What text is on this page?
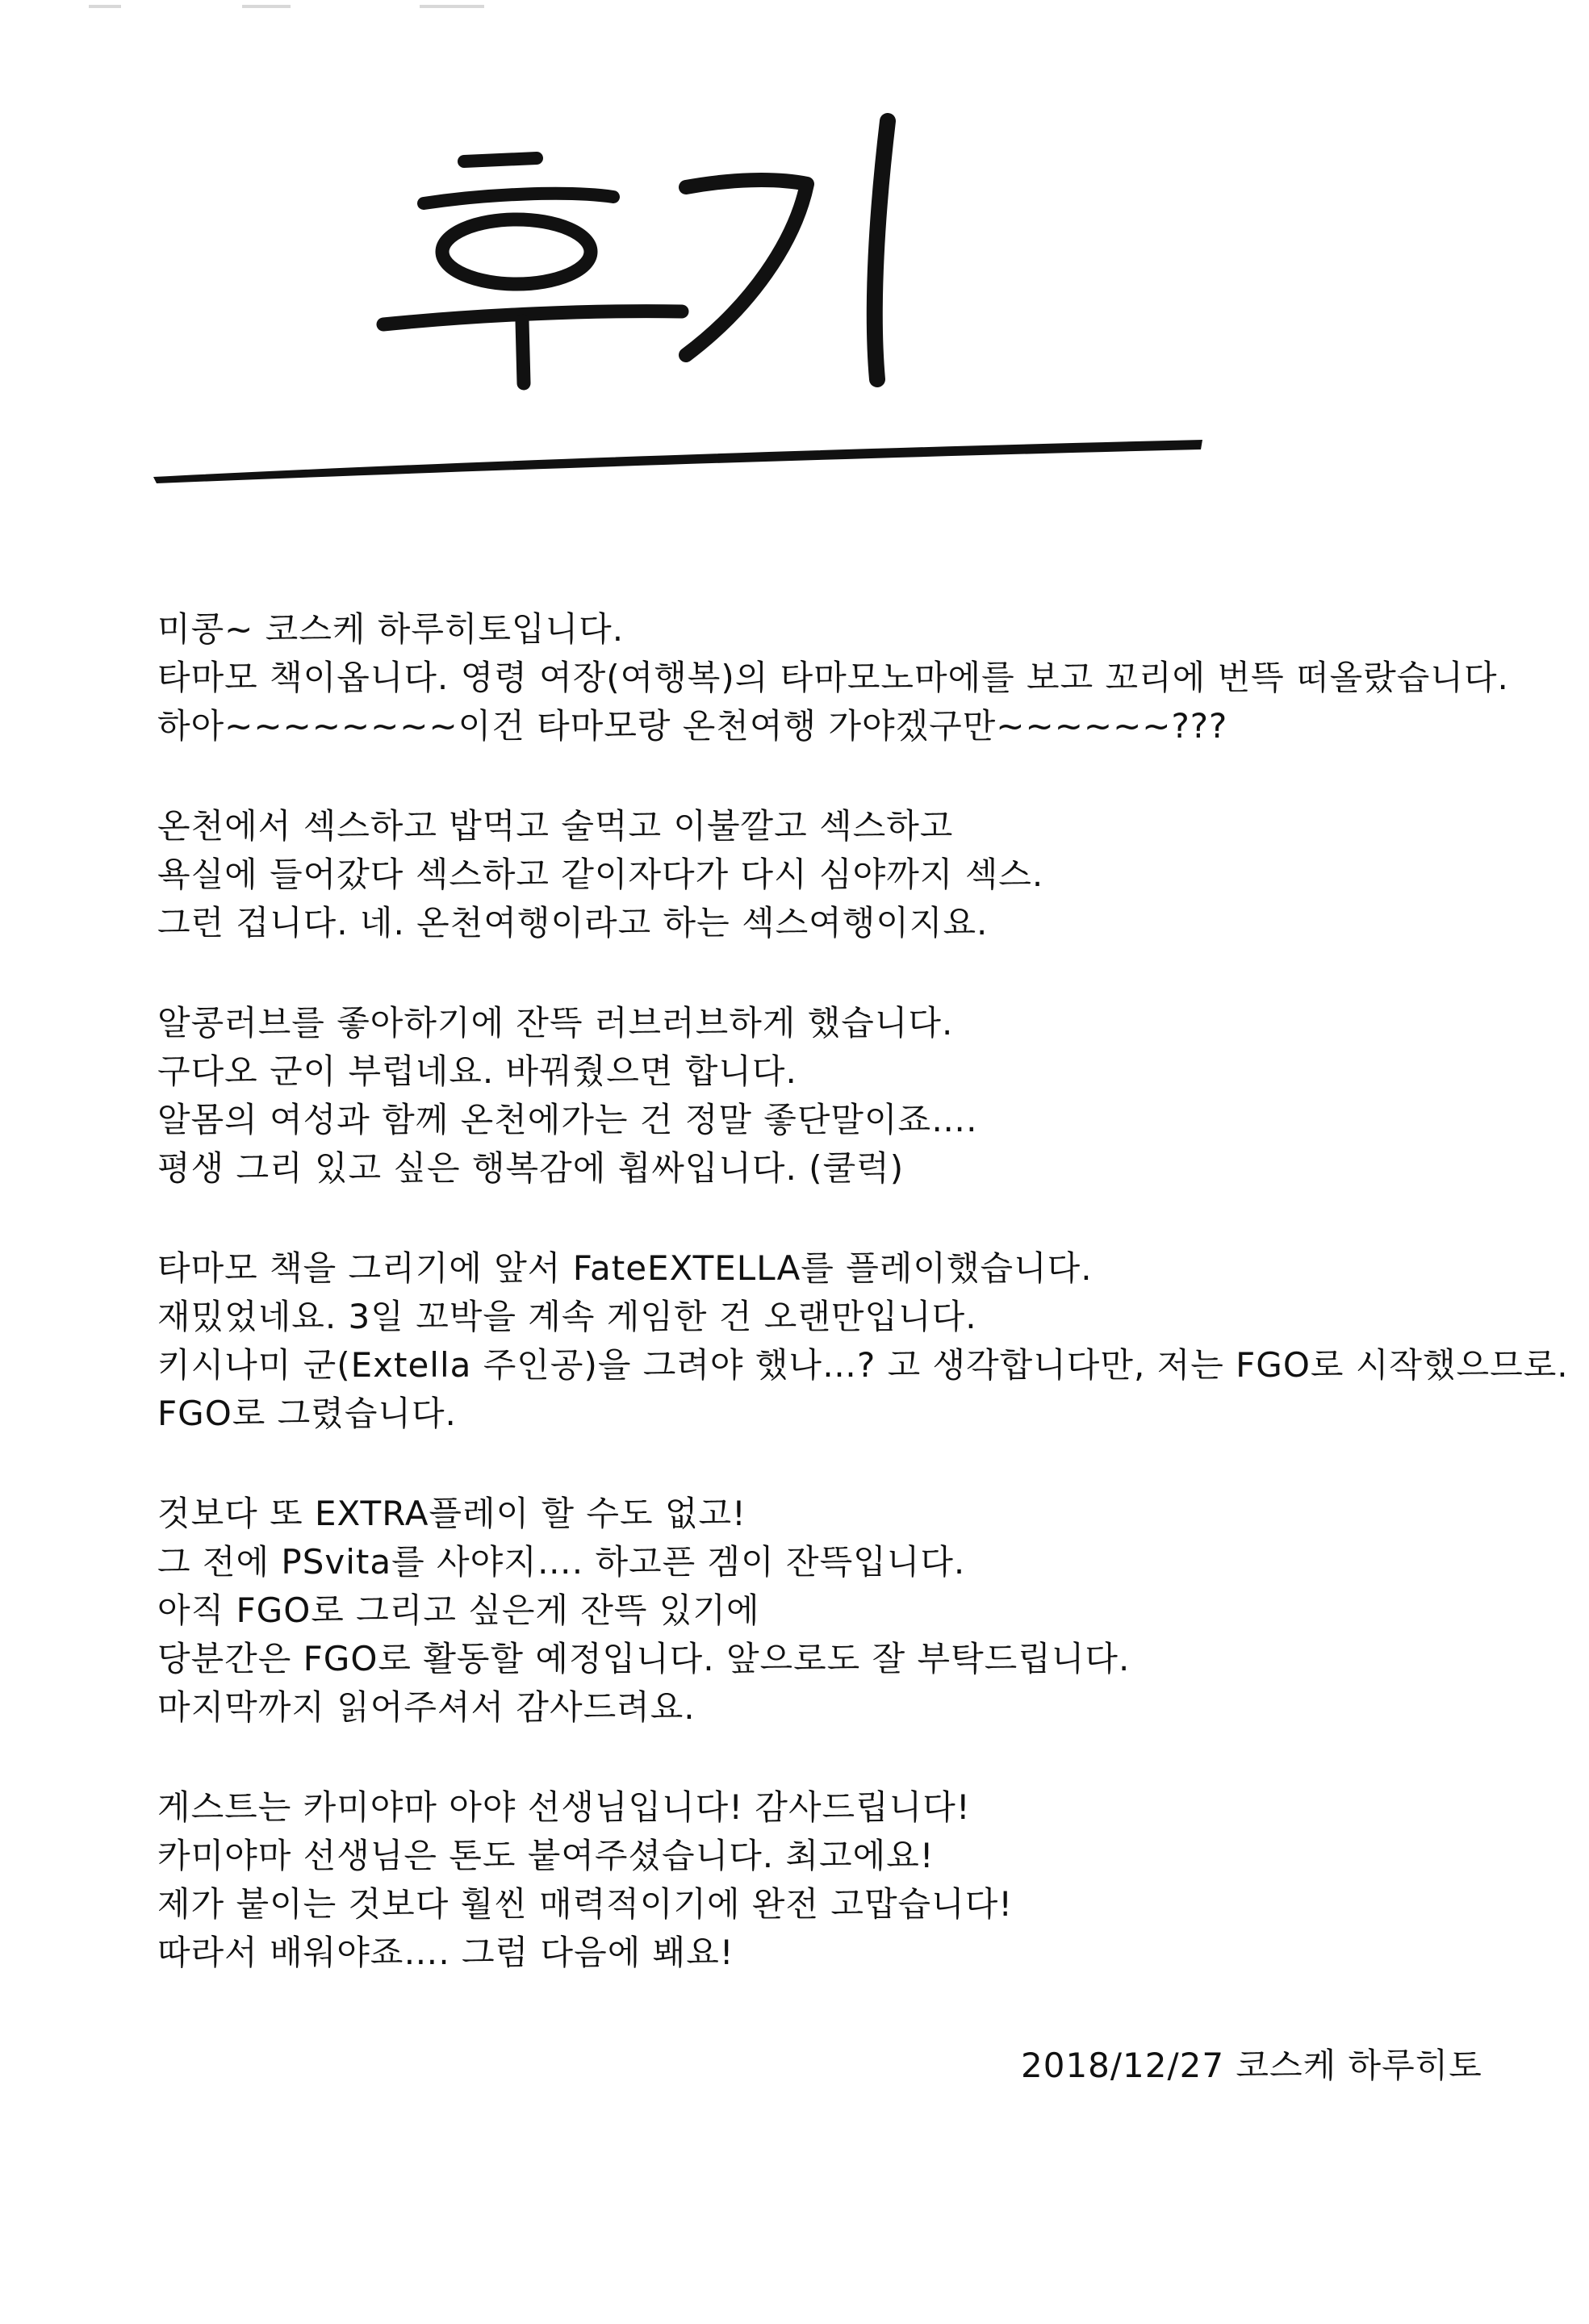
미콩~ 코스케 하루히토입니다.
타마모 책이옵니다. 영령 여장(여행복)의 타마모노마에를 보고 꼬리에 번뜩 떠올랐습니다.
하아~~~~~~~~이건 타마모랑 온천여행 가야겠구만~~~~~~???
온천에서 섹스하고 밥먹고 술먹고 이불깔고 섹스하고
욕실에 들어갔다 섹스하고 같이자다가 다시 심야까지 섹스.
그런 겁니다. 네. 온천여행이라고 하는 섹스여행이지요.
알콩러브를 좋아하기에 잔뜩 러브러브하게 했습니다.
구다오 군이 부럽네요. 바꿔줬으면 합니다.
알몸의 여성과 함께 온천에가는 건 정말 좋단말이죠….
평생 그리 있고 싶은 행복감에 휩싸입니다. (쿨럭)
타마모 책을 그리기에 앞서 FateEXTELLA를 플레이했습니다.
재밌었네요. 3일 꼬박을 계속 게임한 건 오랜만입니다.
키시나미 군(Extella 주인공)을 그려야 했나…? 고 생각합니다만, 저는 FGO로 시작했으므로.
FGO로 그렸습니다.
것보다 또 EXTRA플레이 할 수도 없고!
그 전에 PSvita를 사야지…. 하고픈 겜이 잔뜩입니다.
아직 FGO로 그리고 싶은게 잔뜩 있기에
당분간은 FGO로 활동할 예정입니다. 앞으로도 잘 부탁드립니다.
마지막까지 읽어주셔서 감사드려요.
게스트는 카미야마 아야 선생님입니다! 감사드립니다!
카미야마 선생님은 톤도 붙여주셨습니다. 최고에요!
제가 붙이는 것보다 훨씬 매력적이기에 완전 고맙습니다!
따라서 배워야죠…. 그럼 다음에 봬요!
2018/12/27 코스케 하루히토
